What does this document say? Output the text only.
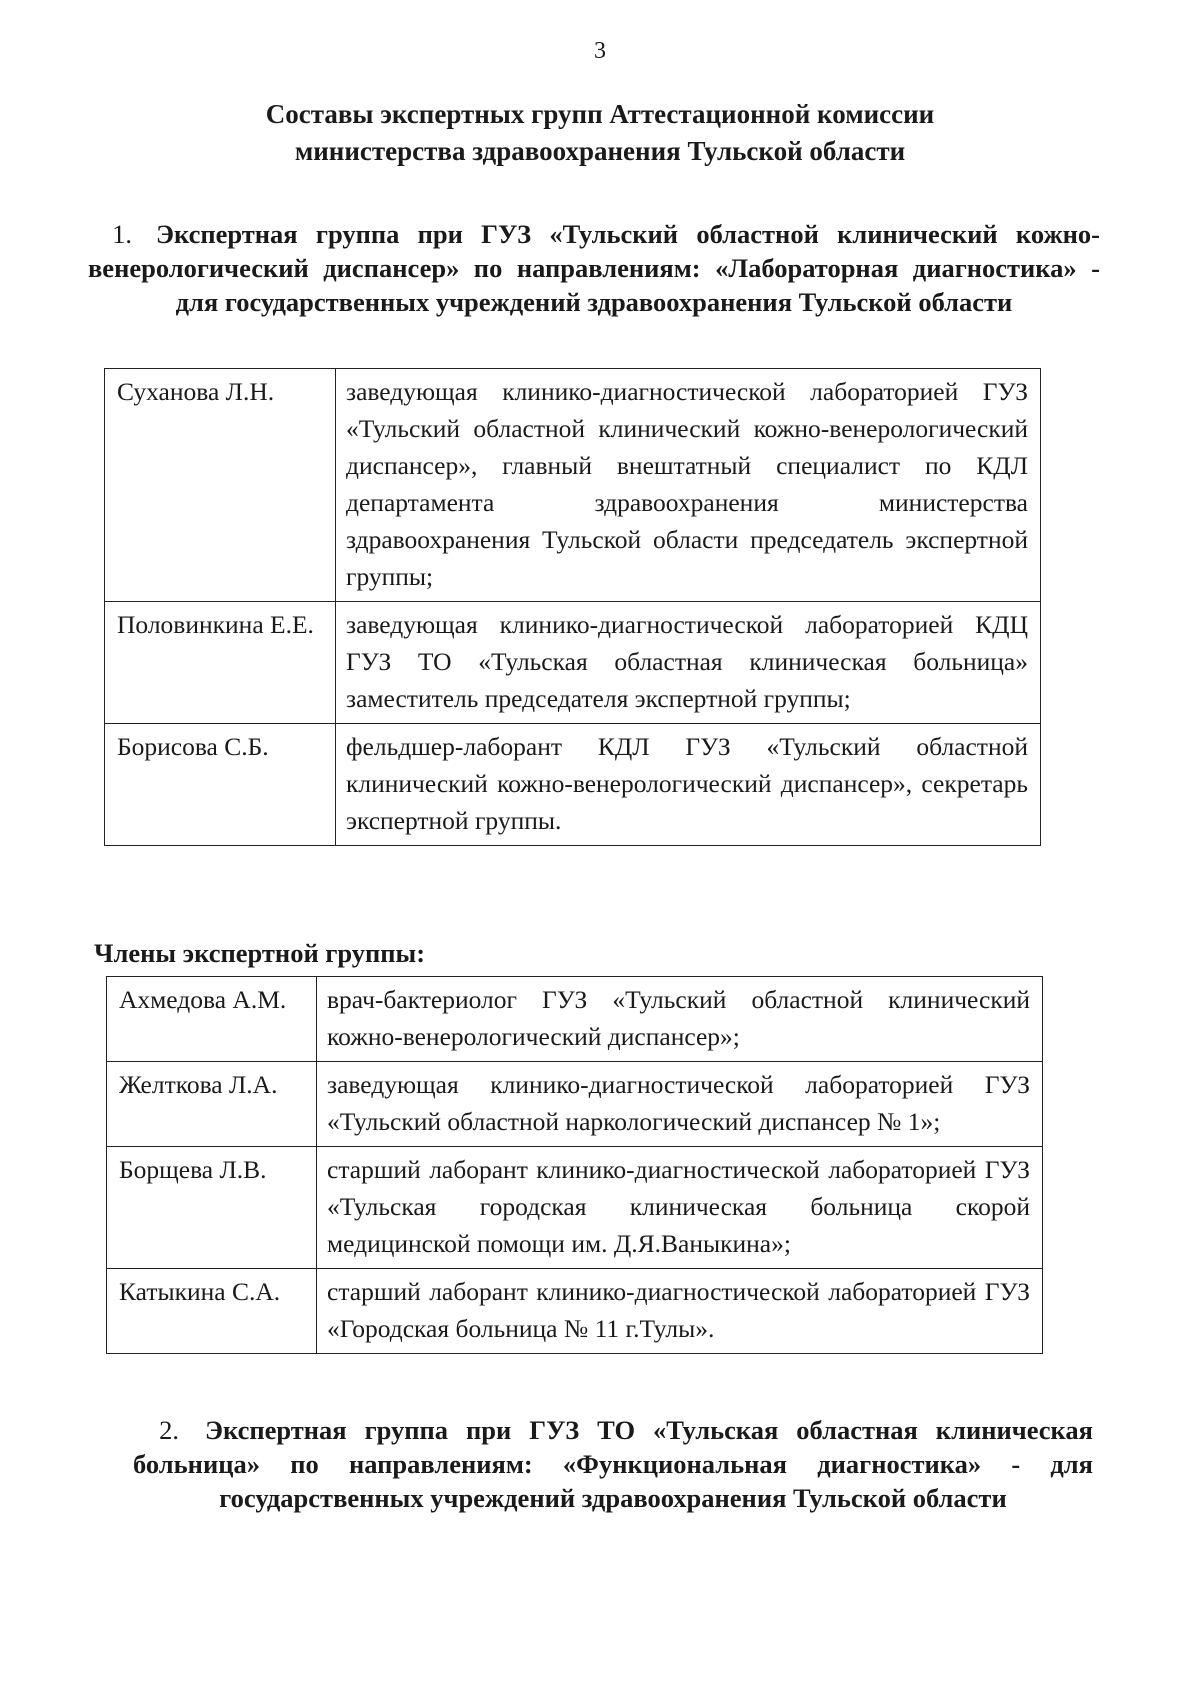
3
Составы экспертных групп Аттестационной комиссии
министерства здравоохранения Тульской области
1. Экспертная группа при ГУЗ «Тульский областной клинический кожно-венерологический диспансер» по направлениям: «Лабораторная диагностика» - для государственных учреждений здравоохранения Тульской области
Суханова Л.Н.	заведующая клинико-диагностической лабораторией ГУЗ «Тульский областной клинический кожно-венерологический диспансер», главный внештатный специалист по КДЛ департамента здравоохранения министерства здравоохранения Тульской области председатель экспертной группы;
Половинкина Е.Е.	заведующая клинико-диагностической лабораторией КДЦ ГУЗ ТО «Тульская областная клиническая больница» заместитель председателя экспертной группы;
Борисова С.Б.	фельдшер-лаборант КДЛ ГУЗ «Тульский областной клинический кожно-венерологический диспансер», секретарь экспертной группы.
Члены экспертной группы:
Ахмедова А.М.	врач-бактериолог ГУЗ «Тульский областной клинический кожно-венерологический диспансер»;
Желткова Л.А.	заведующая клинико-диагностической лабораторией ГУЗ «Тульский областной наркологический диспансер № 1»;
Борщева Л.В.	старший лаборант клинико-диагностической лабораторией ГУЗ «Тульская городская клиническая больница скорой медицинской помощи им. Д.Я.Ваныкина»;
Катыкина С.А.	старший лаборант клинико-диагностической лабораторией ГУЗ «Городская больница № 11 г.Тулы».
2. Экспертная группа при ГУЗ ТО «Тульская областная клиническая больница» по направлениям: «Функциональная диагностика» - для государственных учреждений здравоохранения Тульской области
